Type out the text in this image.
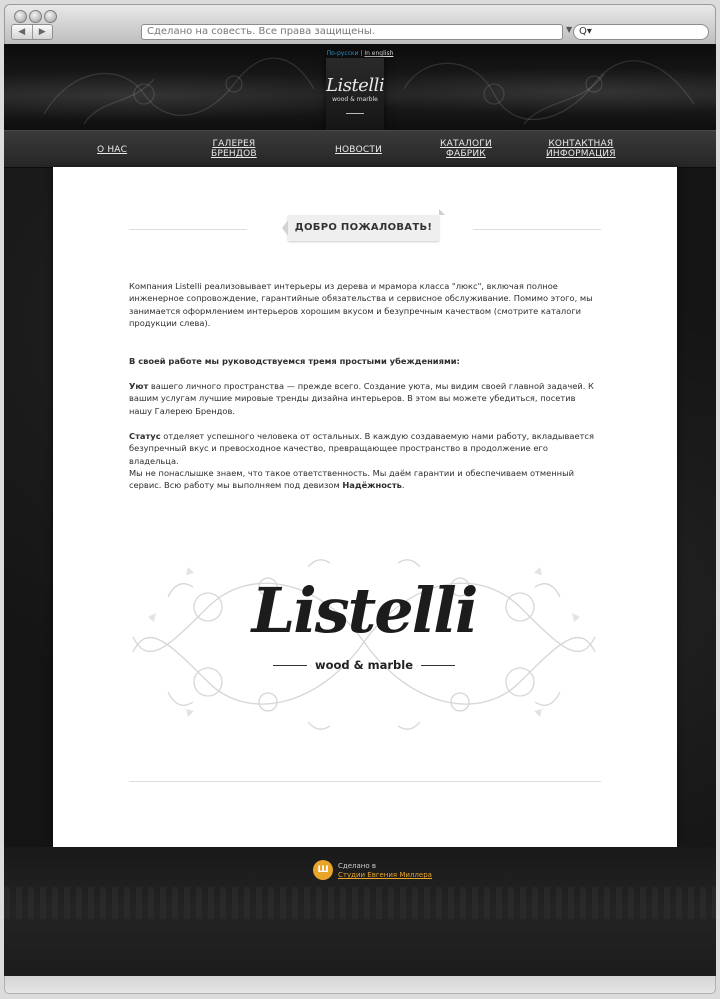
◀	▶	Сделано на совесть. Все права защищены.	▼ Q▾
По-русски | In english
Listelli
wood & marble
О НАС
ГАЛЕРЕЯ
БРЕНДОВ	НОВОСТИ
КАТАЛОГИ
ФАБРИК
КОНТАКТНАЯ
ИНФОРМАЦИЯ
ДОБРО ПОЖАЛОВАТЬ!

Компания Listelli реализовывает интерьеры из дерева и мрамора класса "люкс", включая полное инженерное сопровождение, гарантийные обязательства и сервисное обслуживание. Помимо этого, мы занимается оформлением интерьеров хорошим вкусом и безупречным качеством (смотрите каталоги продукции слева).

В своей работе мы руководствуемся тремя простыми убеждениями:

Уют вашего личного пространства — прежде всего. Создание уюта, мы видим своей главной задачей. К вашим услугам лучшие мировые тренды дизайна интерьеров. В этом вы можете убедиться, посетив нашу Галерею Брендов.

Статус отделяет успешного человека от остальных. В каждую создаваемую нами работу, вкладывается безупречный вкус и превосходное качество, превращающее пространство в продолжение его владельца.

Мы не понаслышке знаем, что такое ответственность. Мы даём гарантии и обеспечиваем отменный сервис. Всю работу мы выполняем под девизом Надёжность.

Listelli
wood & marble
Ш	Сделано в
Студии Евгения Миллера
